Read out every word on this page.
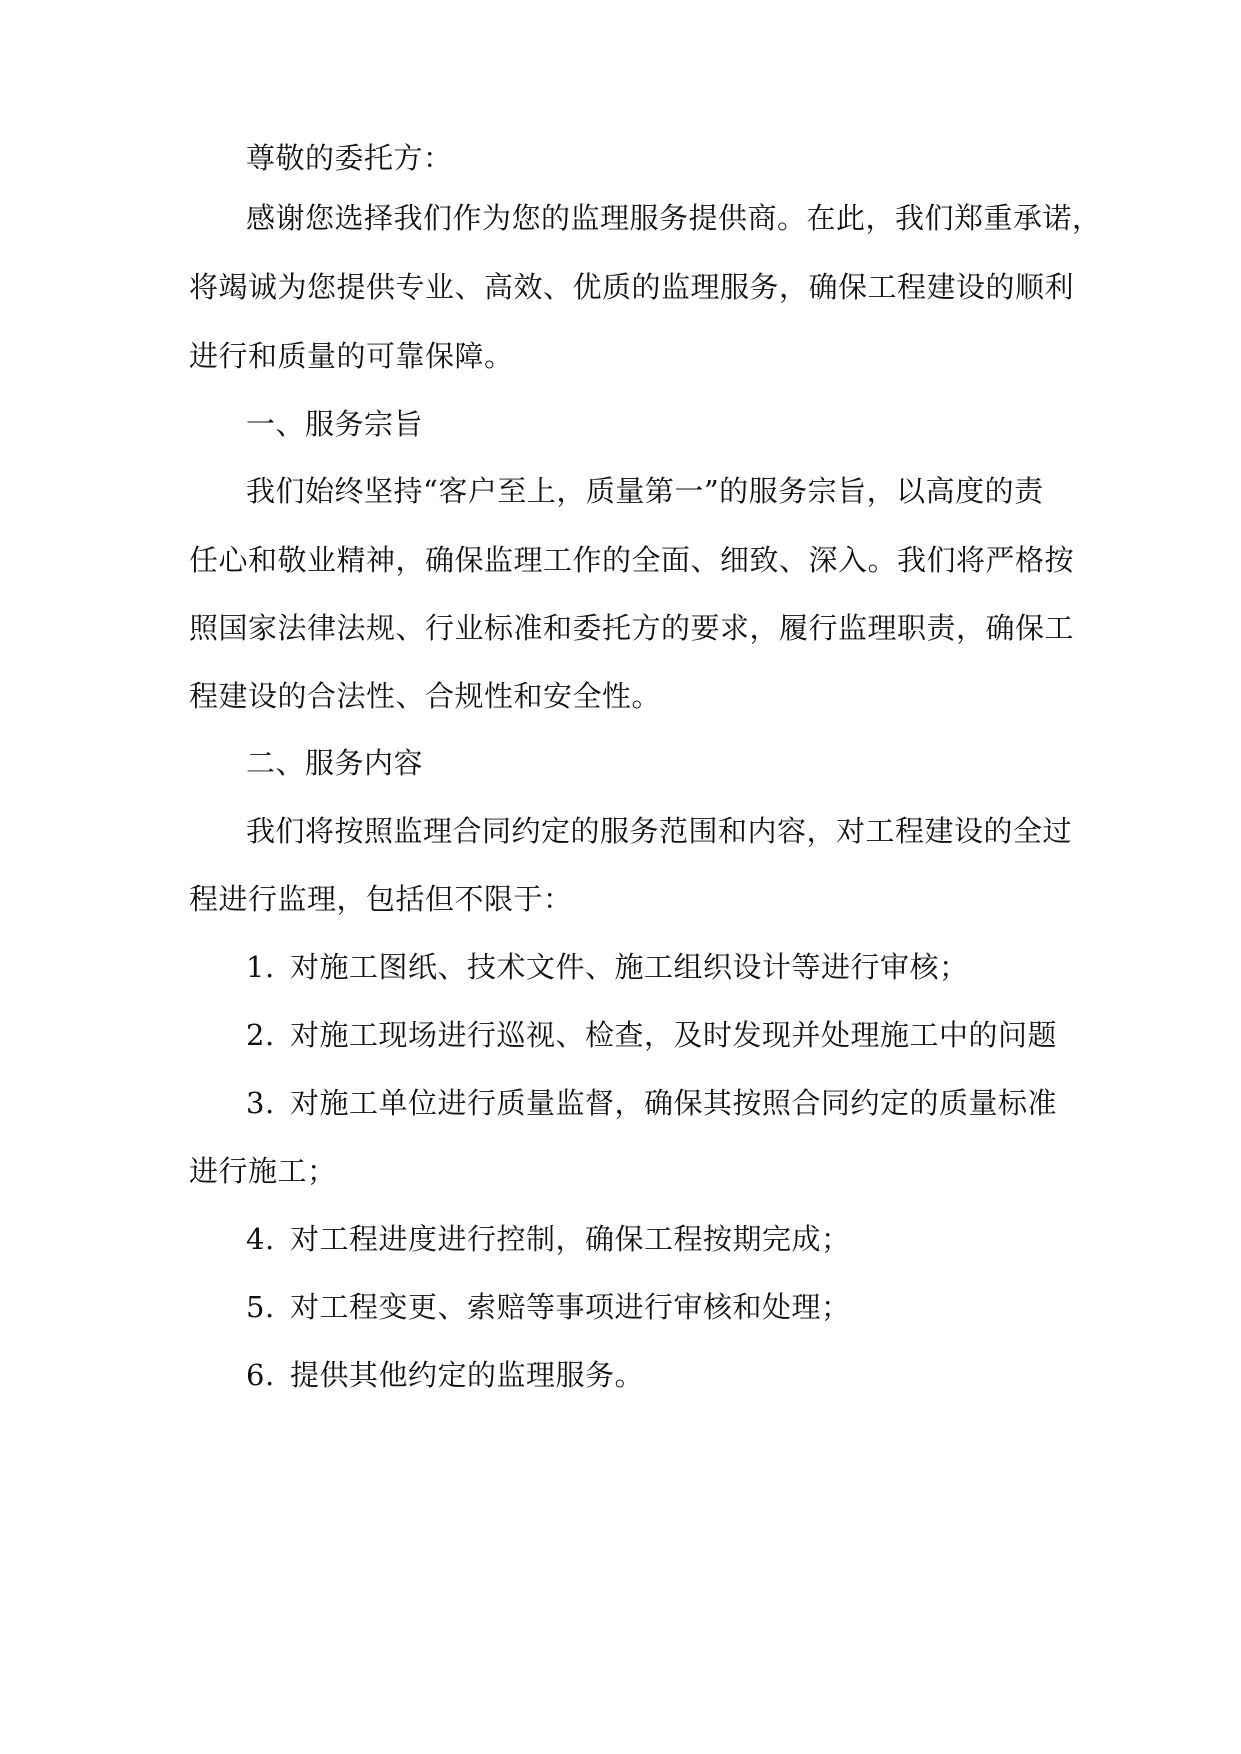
尊敬的委托方：
感谢您选择我们作为您的监理服务提供商。在此，我们郑重承诺，
将竭诚为您提供专业、高效、优质的监理服务，确保工程建设的顺利
进行和质量的可靠保障。
一、服务宗旨
我们始终坚持“客户至上，质量第一”的服务宗旨，以高度的责
任心和敬业精神，确保监理工作的全面、细致、深入。我们将严格按
照国家法律法规、行业标准和委托方的要求，履行监理职责，确保工
程建设的合法性、合规性和安全性。
二、服务内容
我们将按照监理合同约定的服务范围和内容，对工程建设的全过
程进行监理，包括但不限于：
1. 对施工图纸、技术文件、施工组织设计等进行审核；
2. 对施工现场进行巡视、检查，及时发现并处理施工中的问题
3. 对施工单位进行质量监督，确保其按照合同约定的质量标准
进行施工；
4. 对工程进度进行控制，确保工程按期完成；
5. 对工程变更、索赔等事项进行审核和处理；
6. 提供其他约定的监理服务。
